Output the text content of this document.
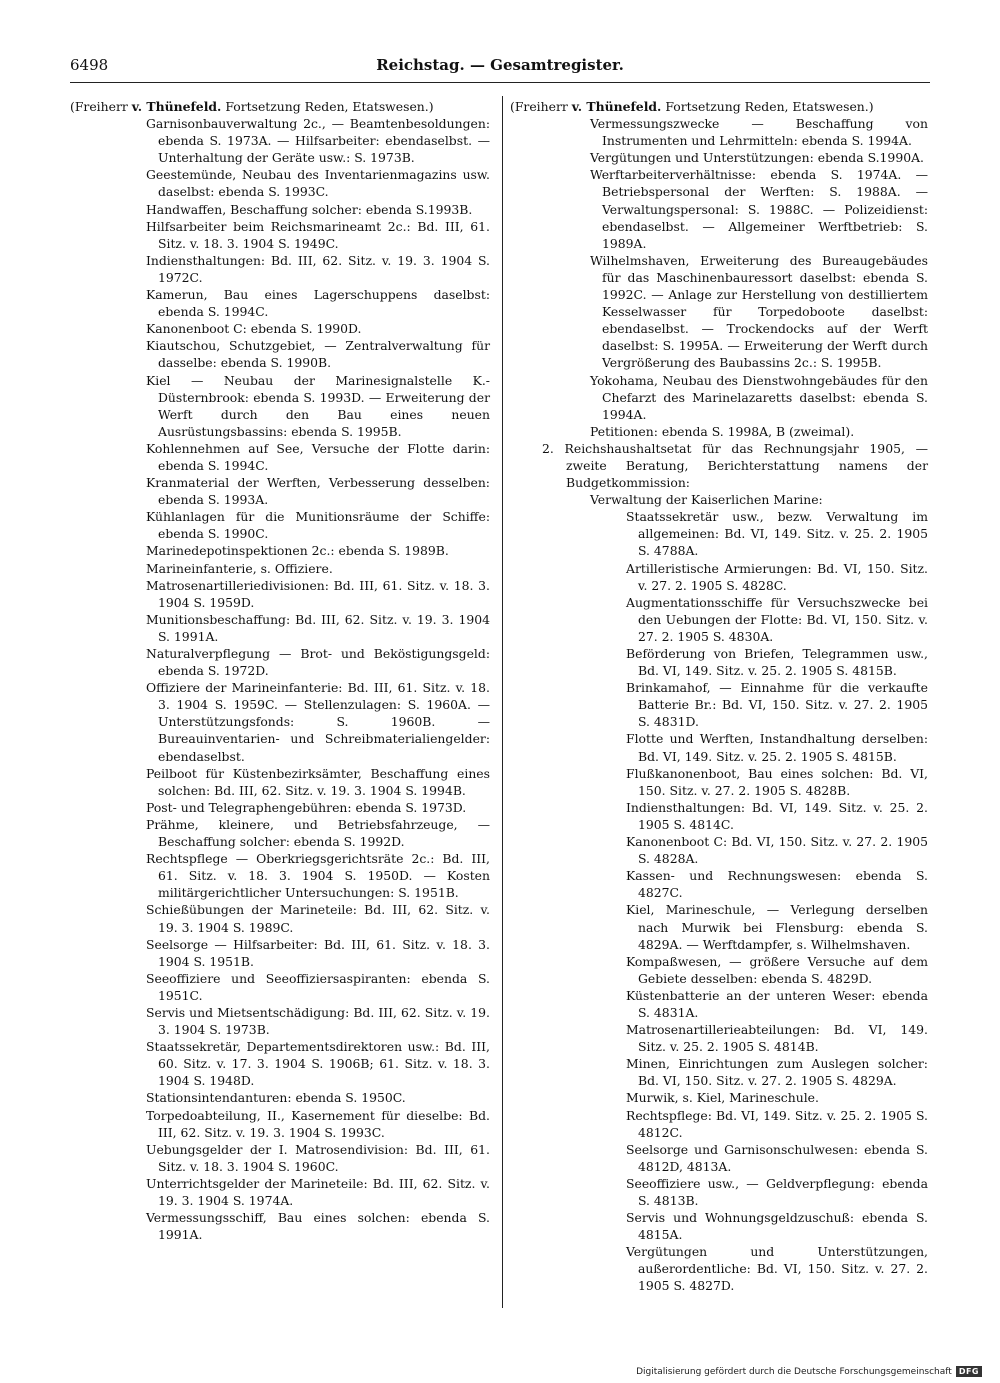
6498	Reichstag. — Gesamtregister.

(Freiherr v. Thünefeld. Fortsetzung Reden, Etatswesen.)

Garnisonbauverwaltung 2c., — Beamtenbesoldungen: ebenda S. 1973A. — Hilfsarbeiter: ebendaselbst. — Unterhaltung der Geräte usw.: S. 1973B.

Geestemünde, Neubau des Inventarienmagazins usw. daselbst: ebenda S. 1993C.

Handwaffen, Beschaffung solcher: ebenda S.1993B.

Hilfsarbeiter beim Reichsmarineamt 2c.: Bd. III, 61. Sitz. v. 18. 3. 1904 S. 1949C.

Indiensthaltungen: Bd. III, 62. Sitz. v. 19. 3. 1904 S. 1972C.

Kamerun, Bau eines Lagerschuppens daselbst: ebenda S. 1994C.

Kanonenboot C: ebenda S. 1990D.

Kiautschou, Schutzgebiet, — Zentralverwaltung für dasselbe: ebenda S. 1990B.

Kiel — Neubau der Marinesignalstelle K.-Düsternbrook: ebenda S. 1993D. — Erweiterung der Werft durch den Bau eines neuen Ausrüstungsbassins: ebenda S. 1995B.

Kohlennehmen auf See, Versuche der Flotte darin: ebenda S. 1994C.

Kranmaterial der Werften, Verbesserung desselben: ebenda S. 1993A.

Kühlanlagen für die Munitionsräume der Schiffe: ebenda S. 1990C.

Marinedepotinspektionen 2c.: ebenda S. 1989B.

Marineinfanterie, s. Offiziere.

Matrosenartilleriedivisionen: Bd. III, 61. Sitz. v. 18. 3. 1904 S. 1959D.

Munitionsbeschaffung: Bd. III, 62. Sitz. v. 19. 3. 1904 S. 1991A.

Naturalverpflegung — Brot- und Beköstigungsgeld: ebenda S. 1972D.

Offiziere der Marineinfanterie: Bd. III, 61. Sitz. v. 18. 3. 1904 S. 1959C. — Stellenzulagen: S. 1960A. — Unterstützungsfonds: S. 1960B. — Bureauinventarien- und Schreibmaterialiengelder: ebendaselbst.

Peilboot für Küstenbezirksämter, Beschaffung eines solchen: Bd. III, 62. Sitz. v. 19. 3. 1904 S. 1994B.

Post- und Telegraphengebühren: ebenda S. 1973D.

Prähme, kleinere, und Betriebsfahrzeuge, — Beschaffung solcher: ebenda S. 1992D.

Rechtspflege — Oberkriegsgerichtsräte 2c.: Bd. III, 61. Sitz. v. 18. 3. 1904 S. 1950D. — Kosten militärgerichtlicher Untersuchungen: S. 1951B.

Schießübungen der Marineteile: Bd. III, 62. Sitz. v. 19. 3. 1904 S. 1989C.

Seelsorge — Hilfsarbeiter: Bd. III, 61. Sitz. v. 18. 3. 1904 S. 1951B.

Seeoffiziere und Seeoffiziersaspiranten: ebenda S. 1951C.

Servis und Mietsentschädigung: Bd. III, 62. Sitz. v. 19. 3. 1904 S. 1973B.

Staatssekretär, Departementsdirektoren usw.: Bd. III, 60. Sitz. v. 17. 3. 1904 S. 1906B; 61. Sitz. v. 18. 3. 1904 S. 1948D.

Stationsintendanturen: ebenda S. 1950C.

Torpedoabteilung, II., Kasernement für dieselbe: Bd. III, 62. Sitz. v. 19. 3. 1904 S. 1993C.

Uebungsgelder der I. Matrosendivision: Bd. III, 61. Sitz. v. 18. 3. 1904 S. 1960C.

Unterrichtsgelder der Marineteile: Bd. III, 62. Sitz. v. 19. 3. 1904 S. 1974A.

Vermessungsschiff, Bau eines solchen: ebenda S. 1991A.

(Freiherr v. Thünefeld. Fortsetzung Reden, Etatswesen.)

Vermessungszwecke — Beschaffung von Instrumenten und Lehrmitteln: ebenda S. 1994A.

Vergütungen und Unterstützungen: ebenda S.1990A.

Werftarbeiterverhältnisse: ebenda S. 1974A. — Betriebspersonal der Werften: S. 1988A. — Verwaltungspersonal: S. 1988C. — Polizeidienst: ebendaselbst. — Allgemeiner Werftbetrieb: S. 1989A.

Wilhelmshaven, Erweiterung des Bureaugebäudes für das Maschinenbauressort daselbst: ebenda S. 1992C. — Anlage zur Herstellung von destilliertem Kesselwasser für Torpedoboote daselbst: ebendaselbst. — Trockendocks auf der Werft daselbst: S. 1995A. — Erweiterung der Werft durch Vergrößerung des Baubassins 2c.: S. 1995B.

Yokohama, Neubau des Dienstwohngebäudes für den Chefarzt des Marinelazaretts daselbst: ebenda S. 1994A.

Petitionen: ebenda S. 1998A, B (zweimal).

2. Reichshaushaltsetat für das Rechnungsjahr 1905, — zweite Beratung, Berichterstattung namens der Budgetkommission:

Verwaltung der Kaiserlichen Marine:

Staatssekretär usw., bezw. Verwaltung im allgemeinen: Bd. VI, 149. Sitz. v. 25. 2. 1905 S. 4788A.

Artilleristische Armierungen: Bd. VI, 150. Sitz. v. 27. 2. 1905 S. 4828C.

Augmentationsschiffe für Versuchszwecke bei den Uebungen der Flotte: Bd. VI, 150. Sitz. v. 27. 2. 1905 S. 4830A.

Beförderung von Briefen, Telegrammen usw., Bd. VI, 149. Sitz. v. 25. 2. 1905 S. 4815B.

Brinkamahof, — Einnahme für die verkaufte Batterie Br.: Bd. VI, 150. Sitz. v. 27. 2. 1905 S. 4831D.

Flotte und Werften, Instandhaltung derselben: Bd. VI, 149. Sitz. v. 25. 2. 1905 S. 4815B.

Flußkanonenboot, Bau eines solchen: Bd. VI, 150. Sitz. v. 27. 2. 1905 S. 4828B.

Indiensthaltungen: Bd. VI, 149. Sitz. v. 25. 2. 1905 S. 4814C.

Kanonenboot C: Bd. VI, 150. Sitz. v. 27. 2. 1905 S. 4828A.

Kassen- und Rechnungswesen: ebenda S. 4827C.

Kiel, Marineschule, — Verlegung derselben nach Murwik bei Flensburg: ebenda S. 4829A. — Werftdampfer, s. Wilhelmshaven.

Kompaßwesen, — größere Versuche auf dem Gebiete desselben: ebenda S. 4829D.

Küstenbatterie an der unteren Weser: ebenda S. 4831A.

Matrosenartillerieabteilungen: Bd. VI, 149. Sitz. v. 25. 2. 1905 S. 4814B.

Minen, Einrichtungen zum Auslegen solcher: Bd. VI, 150. Sitz. v. 27. 2. 1905 S. 4829A.

Murwik, s. Kiel, Marineschule.

Rechtspflege: Bd. VI, 149. Sitz. v. 25. 2. 1905 S. 4812C.

Seelsorge und Garnisonschulwesen: ebenda S. 4812D, 4813A.

Seeoffiziere usw., — Geldverpflegung: ebenda S. 4813B.

Servis und Wohnungsgeldzuschuß: ebenda S. 4815A.

Vergütungen und Unterstützungen, außerordentliche: Bd. VI, 150. Sitz. v. 27. 2. 1905 S. 4827D.

Digitalisierung gefördert durch die Deutsche Forschungsgemeinschaft DFG
